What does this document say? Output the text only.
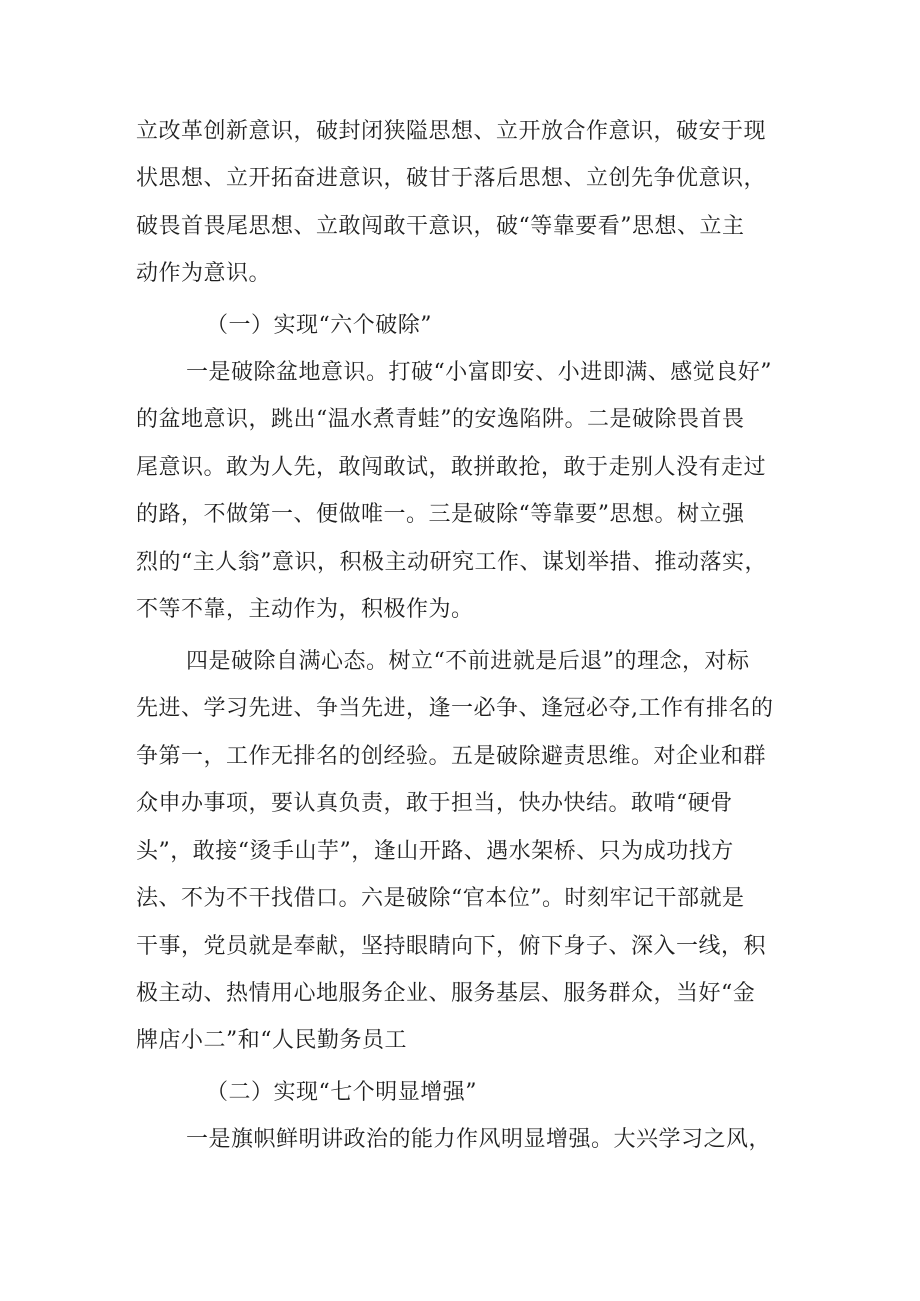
立改革创新意识，破封闭狭隘思想、立开放合作意识，破安于现
状思想、立开拓奋进意识，破甘于落后思想、立创先争优意识，
破畏首畏尾思想、立敢闯敢干意识，破“等靠要看”思想、立主
动作为意识。
（一）实现“六个破除”
一是破除盆地意识。打破“小富即安、小进即满、感觉良好”
的盆地意识，跳出“温水煮青蛙”的安逸陷阱。二是破除畏首畏
尾意识。敢为人先，敢闯敢试，敢拼敢抢，敢于走别人没有走过
的路，不做第一、便做唯一。三是破除“等靠要”思想。树立强
烈的“主人翁”意识，积极主动研究工作、谋划举措、推动落实，
不等不靠，主动作为，积极作为。
四是破除自满心态。树立“不前进就是后退”的理念，对标
先进、学习先进、争当先进，逢一必争、逢冠必夺,工作有排名的
争第一，工作无排名的创经验。五是破除避责思维。对企业和群
众申办事项，要认真负责，敢于担当，快办快结。敢啃“硬骨
头”，敢接“烫手山芋”，逢山开路、遇水架桥、只为成功找方
法、不为不干找借口。六是破除“官本位”。时刻牢记干部就是
干事，党员就是奉献，坚持眼睛向下，俯下身子、深入一线，积
极主动、热情用心地服务企业、服务基层、服务群众，当好“金
牌店小二”和“人民勤务员工
（二）实现“七个明显增强”
一是旗帜鲜明讲政治的能力作风明显增强。大兴学习之风，
